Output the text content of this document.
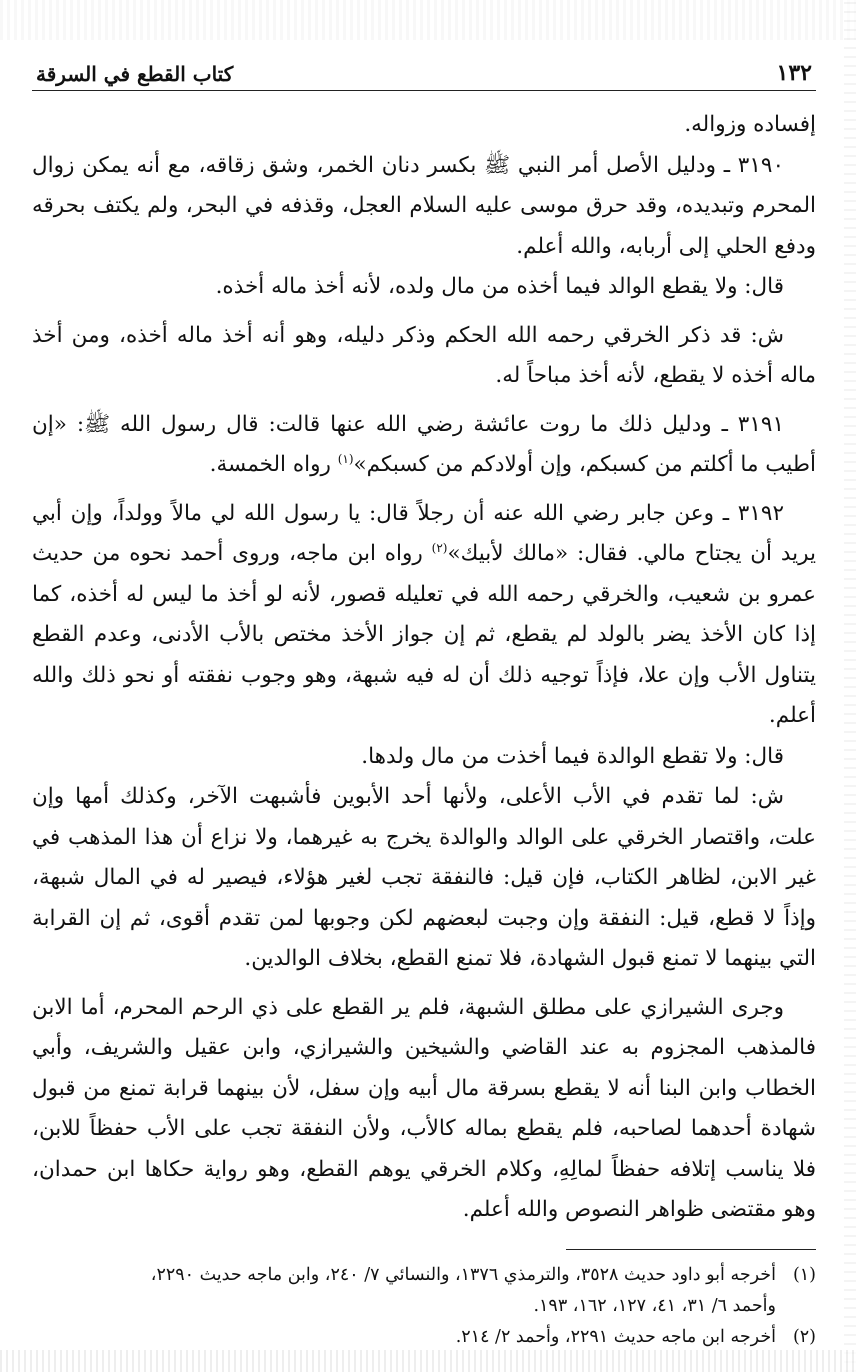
١٣٢
كتاب القطع في السرقة

إفساده وزواله.

٣١٩٠ ـ ودليل الأصل أمر النبي ﷺ بكسر دنان الخمر، وشق زقاقه، مع أنه يمكن زوال المحرم وتبديده، وقد حرق موسى عليه السلام العجل، وقذفه في البحر، ولم يكتف بحرقه ودفع الحلي إلى أربابه، والله أعلم.

قال: ولا يقطع الوالد فيما أخذه من مال ولده، لأنه أخذ ماله أخذه.

ش: قد ذكر الخرقي رحمه الله الحكم وذكر دليله، وهو أنه أخذ ماله أخذه، ومن أخذ ماله أخذه لا يقطع، لأنه أخذ مباحاً له.

٣١٩١ ـ ودليل ذلك ما روت عائشة رضي الله عنها قالت: قال رسول الله ﷺ: «إن أطيب ما أكلتم من كسبكم، وإن أولادكم من كسبكم»$^{(١)}$ رواه الخمسة.

٣١٩٢ ـ وعن جابر رضي الله عنه أن رجلاً قال: يا رسول الله لي مالاً وولداً، وإن أبي يريد أن يجتاح مالي. فقال: «مالك لأبيك»$^{(٢)}$ رواه ابن ماجه، وروى أحمد نحوه من حديث عمرو بن شعيب، والخرقي رحمه الله في تعليله قصور، لأنه لو أخذ ما ليس له أخذه، كما إذا كان الأخذ يضر بالولد لم يقطع، ثم إن جواز الأخذ مختص بالأب الأدنى، وعدم القطع يتناول الأب وإن علا، فإذاً توجيه ذلك أن له فيه شبهة، وهو وجوب نفقته أو نحو ذلك والله أعلم.

قال: ولا تقطع الوالدة فيما أخذت من مال ولدها.

ش: لما تقدم في الأب الأعلى، ولأنها أحد الأبوين فأشبهت الآخر، وكذلك أمها وإن علت، واقتصار الخرقي على الوالد والوالدة يخرج به غيرهما، ولا نزاع أن هذا المذهب في غير الابن، لظاهر الكتاب، فإن قيل: فالنفقة تجب لغير هؤلاء، فيصير له في المال شبهة، وإذاً لا قطع، قيل: النفقة وإن وجبت لبعضهم لكن وجوبها لمن تقدم أقوى، ثم إن القرابة التي بينهما لا تمنع قبول الشهادة، فلا تمنع القطع، بخلاف الوالدين.

وجرى الشيرازي على مطلق الشبهة، فلم ير القطع على ذي الرحم المحرم، أما الابن فالمذهب المجزوم به عند القاضي والشيخين والشيرازي، وابن عقيل والشريف، وأبي الخطاب وابن البنا أنه لا يقطع بسرقة مال أبيه وإن سفل، لأن بينهما قرابة تمنع من قبول شهادة أحدهما لصاحبه، فلم يقطع بماله كالأب، ولأن النفقة تجب على الأب حفظاً للابن، فلا يناسب إتلافه حفظاً لمالِهِ، وكلام الخرقي يوهم القطع، وهو رواية حكاها ابن حمدان، وهو مقتضى ظواهر النصوص والله أعلم.

(١)أخرجه أبو داود حديث ٣٥٢٨، والترمذي ١٣٧٦، والنسائي ٧/ ٢٤٠، وابن ماجه حديث ٢٢٩٠،

وأحمد ٦/ ٣١، ٤١، ١٢٧، ١٦٢، ١٩٣.

(٢)أخرجه ابن ماجه حديث ٢٢٩١، وأحمد ٢/ ٢١٤.
